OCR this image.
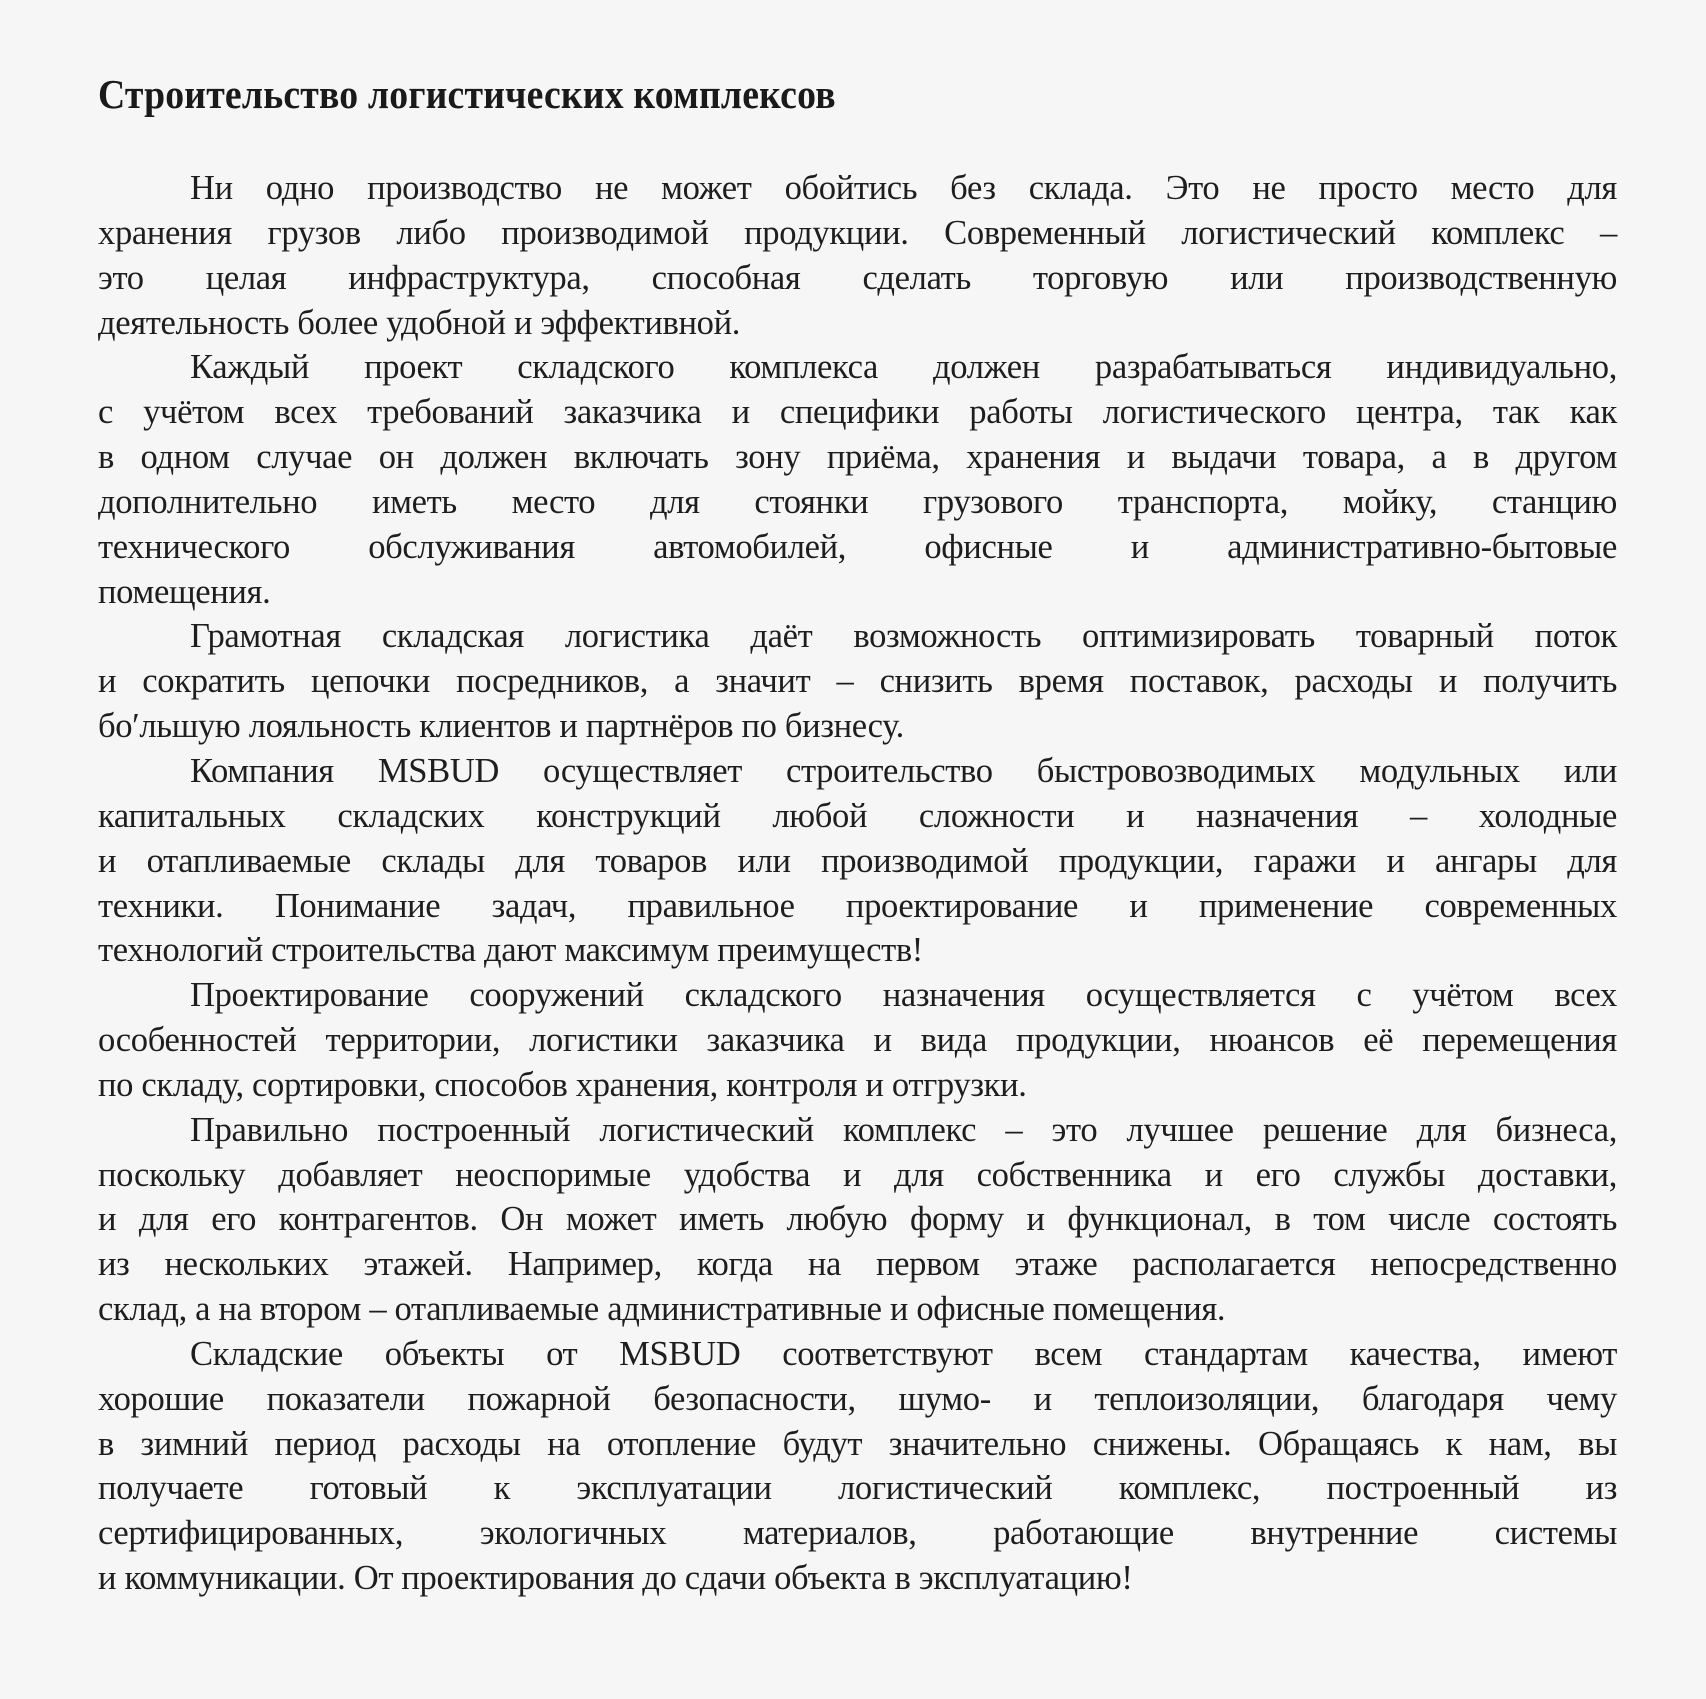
Строительство логистических комплексов

Ни одно производство не может обойтись без склада. Это не просто место для
хранения грузов либо производимой продукции. Современный логистический комплекс –
это целая инфраструктура, способная сделать торговую или производственную
деятельность более удобной и эффективной.

Каждый проект складского комплекса должен разрабатываться индивидуально,
с учётом всех требований заказчика и специфики работы логистического центра, так как
в одном случае он должен включать зону приёма, хранения и выдачи товара, а в другом
дополнительно иметь место для стоянки грузового транспорта, мойку, станцию
технического обслуживания автомобилей, офисные и административно-бытовые
помещения.

Грамотная складская логистика даёт возможность оптимизировать товарный поток
и сократить цепочки посредников, а значит – снизить время поставок, расходы и получить
бо′льшую лояльность клиентов и партнёров по бизнесу.

Компания MSBUD осуществляет строительство быстровозводимых модульных или
капитальных складских конструкций любой сложности и назначения – холодные
и отапливаемые склады для товаров или производимой продукции, гаражи и ангары для
техники. Понимание задач, правильное проектирование и применение современных
технологий строительства дают максимум преимуществ!

Проектирование сооружений складского назначения осуществляется с учётом всех
особенностей территории, логистики заказчика и вида продукции, нюансов её перемещения
по складу, сортировки, способов хранения, контроля и отгрузки.

Правильно построенный логистический комплекс – это лучшее решение для бизнеса,
поскольку добавляет неоспоримые удобства и для собственника и его службы доставки,
и для его контрагентов. Он может иметь любую форму и функционал, в том числе состоять
из нескольких этажей. Например, когда на первом этаже располагается непосредственно
склад, а на втором – отапливаемые административные и офисные помещения.

Складские объекты от MSBUD соответствуют всем стандартам качества, имеют
хорошие показатели пожарной безопасности, шумо- и теплоизоляции, благодаря чему
в зимний период расходы на отопление будут значительно снижены. Обращаясь к нам, вы
получаете готовый к эксплуатации логистический комплекс, построенный из
сертифицированных, экологичных материалов, работающие внутренние системы
и коммуникации. От проектирования до сдачи объекта в эксплуатацию!
